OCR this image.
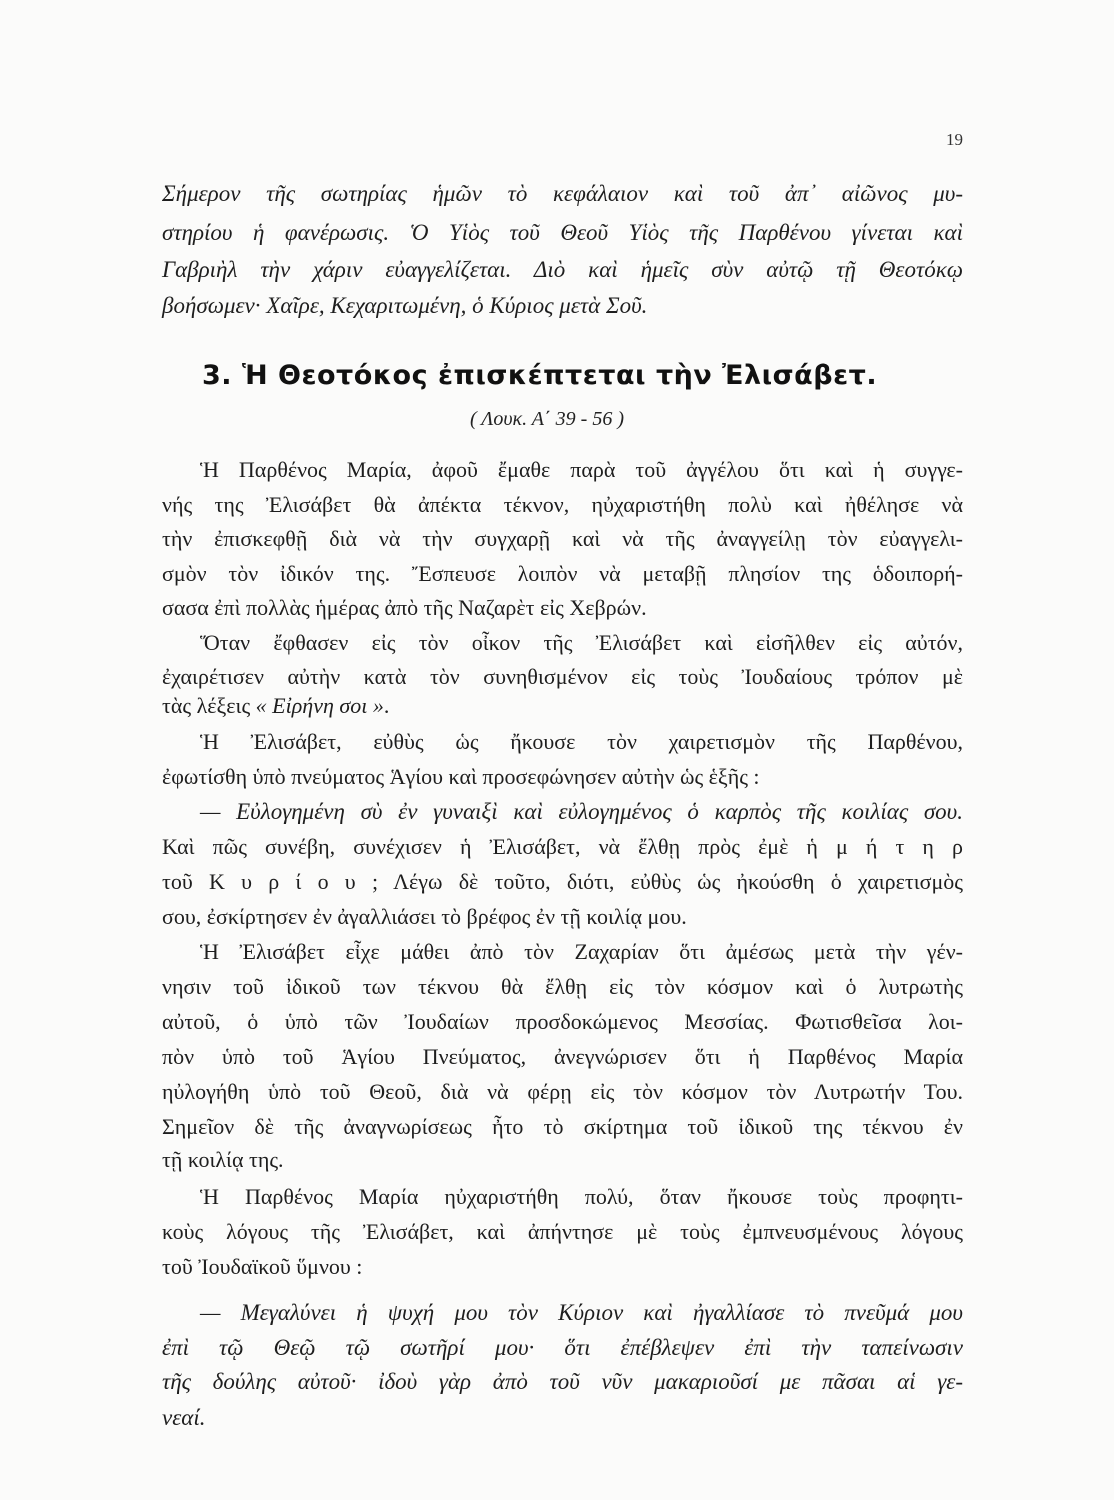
19
Σήμερον τῆς σωτηρίας ἡμῶν τὸ κεφάλαιον καὶ τοῦ ἀπ᾽ αἰῶνος μυ-
στηρίου ἡ φανέρωσις. Ὁ Υἱὸς τοῦ Θεοῦ Υἱὸς τῆς Παρθένου γίνεται καὶ
Γαβριὴλ τὴν χάριν εὐαγγελίζεται. Διὸ καὶ ἡμεῖς σὺν αὐτῷ τῇ Θεοτόκῳ
βοήσωμεν· Χαῖρε, Κεχαριτωμένη, ὁ Κύριος μετὰ Σοῦ.
3. Ἡ Θεοτόκος ἐπισκέπτεται τὴν Ἐλισάβετ.
( Λουκ. Α΄ 39 - 56 )
Ἡ Παρθένος Μαρία, ἀφοῦ ἔμαθε παρὰ τοῦ ἀγγέλου ὅτι καὶ ἡ συγγε-
νής της Ἐλισάβετ θὰ ἀπέκτα τέκνον, ηὐχαριστήθη πολὺ καὶ ἠθέλησε νὰ
τὴν ἐπισκεφθῇ διὰ νὰ τὴν συγχαρῇ καὶ νὰ τῆς ἀναγγείλῃ τὸν εὐαγγελι-
σμὸν τὸν ἰδικόν της. Ἔσπευσε λοιπὸν νὰ μεταβῇ πλησίον της ὁδοιπορή-
σασα ἐπὶ πολλὰς ἡμέρας ἀπὸ τῆς Ναζαρὲτ εἰς Χεβρών.
Ὅταν ἔφθασεν εἰς τὸν οἶκον τῆς Ἐλισάβετ καὶ εἰσῆλθεν εἰς αὐτόν,
ἐχαιρέτισεν αὐτὴν κατὰ τὸν συνηθισμένον εἰς τοὺς Ἰουδαίους τρόπον μὲ
τὰς λέξεις « Εἰρήνη σοι ».
Ἡ Ἐλισάβετ, εὐθὺς ὡς ἤκουσε τὸν χαιρετισμὸν τῆς Παρθένου,
ἐφωτίσθη ὑπὸ πνεύματος Ἁγίου καὶ προσεφώνησεν αὐτὴν ὡς ἑξῆς :
— Εὐλογημένη σὺ ἐν γυναιξὶ καὶ εὐλογημένος ὁ καρπὸς τῆς κοιλίας σου.
Καὶ πῶς συνέβη, συνέχισεν ἡ Ἐλισάβετ, νὰ ἔλθῃ πρὸς ἐμὲ ἡ μ ή τ η ρ
τοῦ Κ υ ρ ί ο υ ; Λέγω δὲ τοῦτο, διότι, εὐθὺς ὡς ἠκούσθη ὁ χαιρετισμὸς
σου, ἐσκίρτησεν ἐν ἀγαλλιάσει τὸ βρέφος ἐν τῇ κοιλίᾳ μου.
Ἡ Ἐλισάβετ εἶχε μάθει ἀπὸ τὸν Ζαχαρίαν ὅτι ἀμέσως μετὰ τὴν γέν-
νησιν τοῦ ἰδικοῦ των τέκνου θὰ ἔλθῃ εἰς τὸν κόσμον καὶ ὁ λυτρωτὴς
αὐτοῦ, ὁ ὑπὸ τῶν Ἰουδαίων προσδοκώμενος Μεσσίας. Φωτισθεῖσα λοι-
πὸν ὑπὸ τοῦ Ἁγίου Πνεύματος, ἀνεγνώρισεν ὅτι ἡ Παρθένος Μαρία
ηὐλογήθη ὑπὸ τοῦ Θεοῦ, διὰ νὰ φέρῃ εἰς τὸν κόσμον τὸν Λυτρωτήν Του.
Σημεῖον δὲ τῆς ἀναγνωρίσεως ἦτο τὸ σκίρτημα τοῦ ἰδικοῦ της τέκνου ἐν
τῇ κοιλίᾳ της.
Ἡ Παρθένος Μαρία ηὐχαριστήθη πολύ, ὅταν ἤκουσε τοὺς προφητι-
κοὺς λόγους τῆς Ἐλισάβετ, καὶ ἀπήντησε μὲ τοὺς ἐμπνευσμένους λόγους
τοῦ Ἰουδαϊκοῦ ὕμνου :
— Μεγαλύνει ἡ ψυχή μου τὸν Κύριον καὶ ἠγαλλίασε τὸ πνεῦμά μου
ἐπὶ τῷ Θεῷ τῷ σωτῆρί μου· ὅτι ἐπέβλεψεν ἐπὶ τὴν ταπείνωσιν
τῆς δούλης αὐτοῦ· ἰδοὺ γὰρ ἀπὸ τοῦ νῦν μακαριοῦσί με πᾶσαι αἱ γε-
νεαί.
